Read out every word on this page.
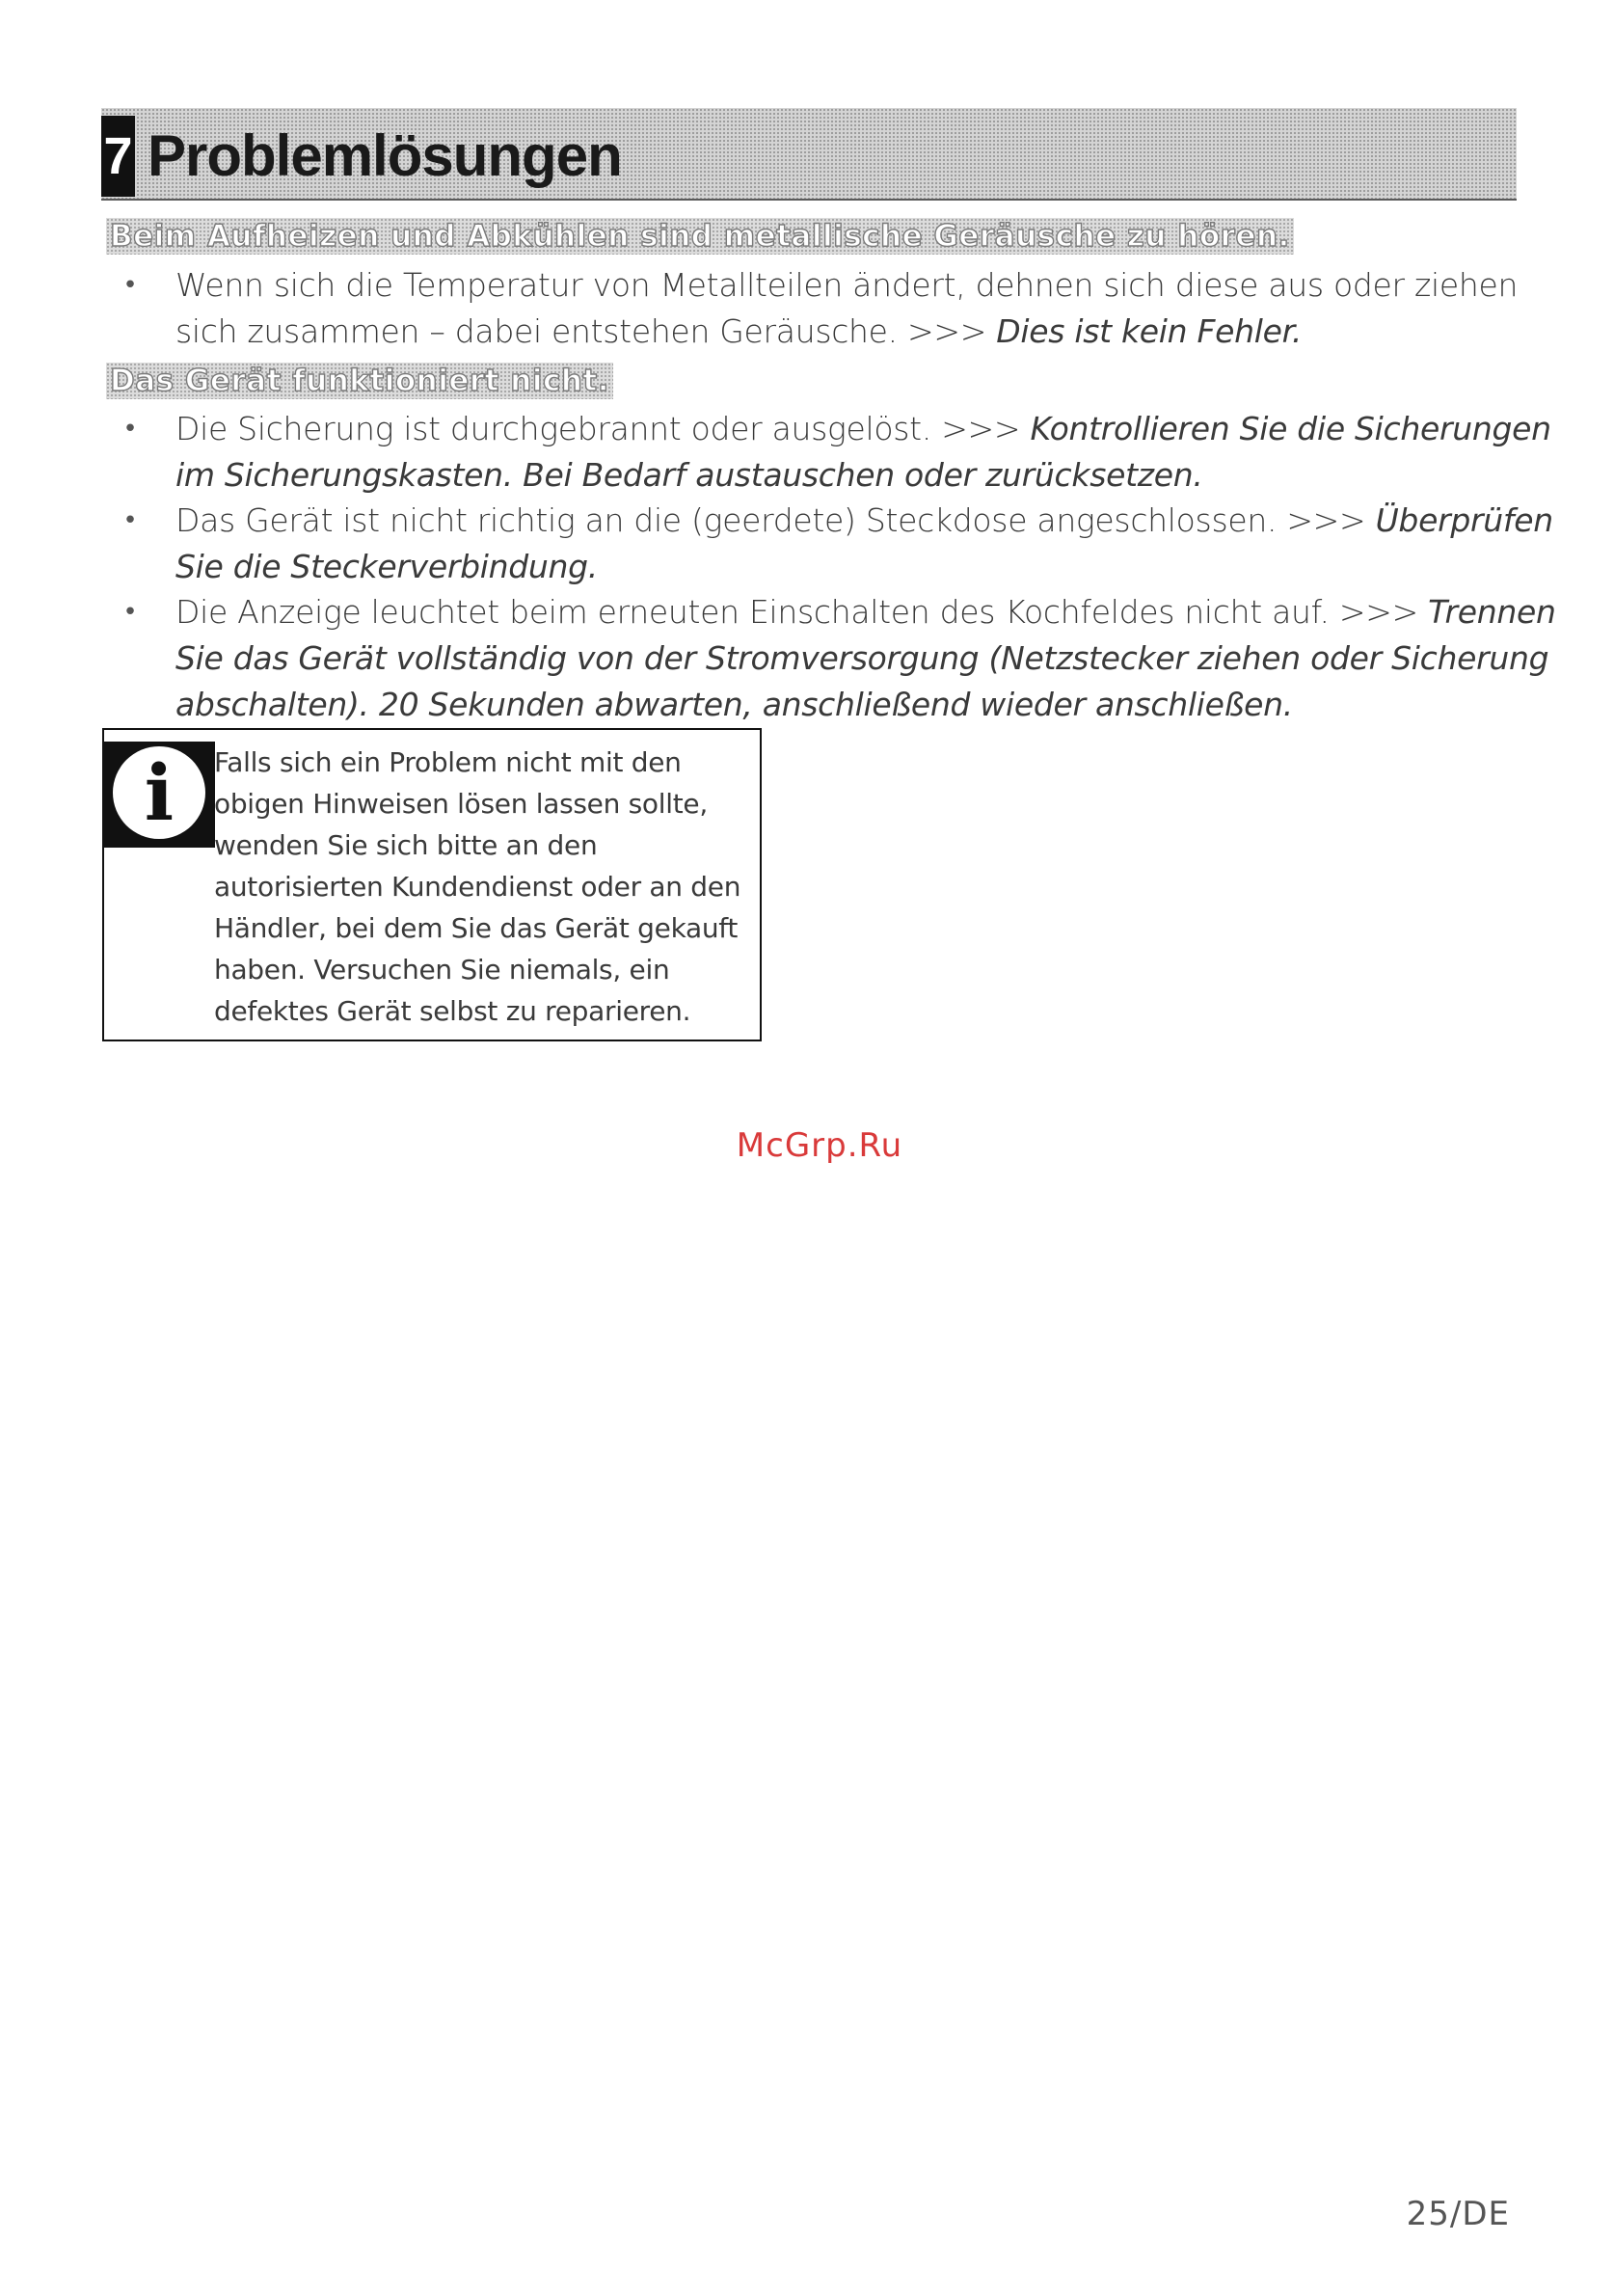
7 Problemlösungen
Beim Aufheizen und Abkühlen sind metallische Geräusche zu hören.
•	Wenn sich die Temperatur von Metallteilen ändert, dehnen sich diese aus oder ziehen sich zusammen – dabei entstehen Geräusche. >>> Dies ist kein Fehler.
Das Gerät funktioniert nicht.
•	Die Sicherung ist durchgebrannt oder ausgelöst. >>> Kontrollieren Sie die Sicherungen im Sicherungskasten. Bei Bedarf austauschen oder zurücksetzen.
•	Das Gerät ist nicht richtig an die (geerdete) Steckdose angeschlossen. >>> Überprüfen Sie die Steckerverbindung.
•	Die Anzeige leuchtet beim erneuten Einschalten des Kochfeldes nicht auf. >>> Trennen Sie das Gerät vollständig von der Stromversorgung (Netzstecker ziehen oder Sicherung abschalten). 20 Sekunden abwarten, anschließend wieder anschließen.
i	Falls sich ein Problem nicht mit den
obigen Hinweisen lösen lassen sollte,
wenden Sie sich bitte an den
autorisierten Kundendienst oder an den
Händler, bei dem Sie das Gerät gekauft
haben. Versuchen Sie niemals, ein
defektes Gerät selbst zu reparieren.
McGrp.Ru
25/DE
